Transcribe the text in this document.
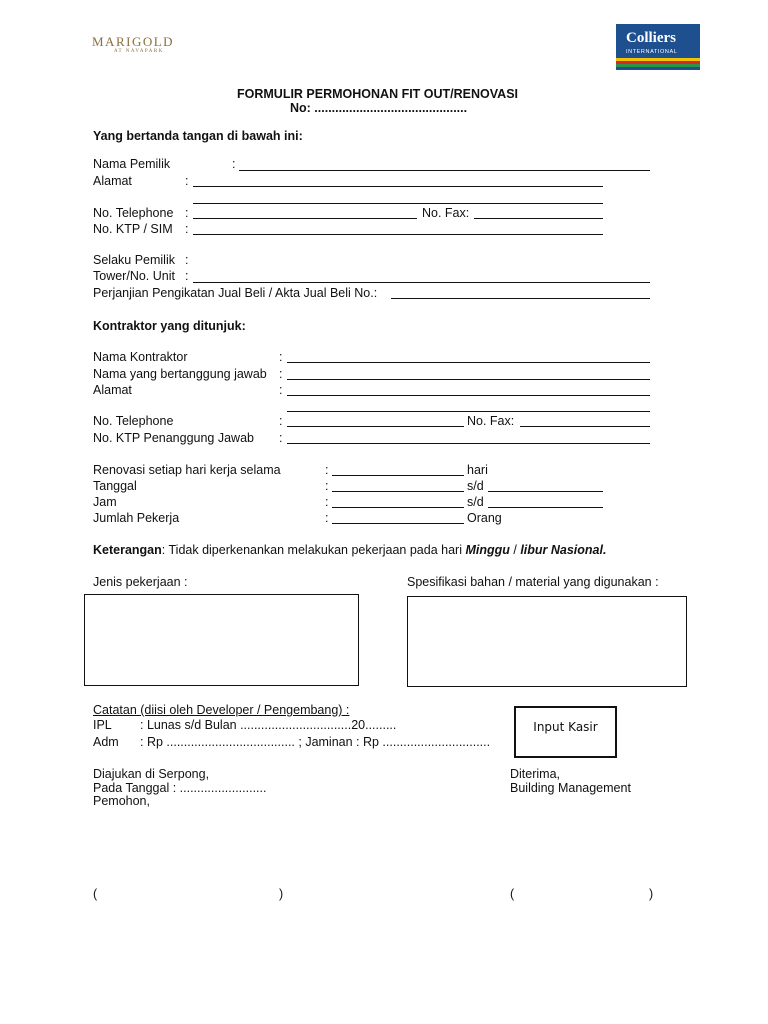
MARIGOLD
AT NAVAPARK
Colliers
INTERNATIONAL
FORMULIR PERMOHONAN FIT OUT/RENOVASI
No: ............................................
Yang bertanda tangan di bawah ini:
Nama Pemilik	:
Alamat	:
No. Telephone :	No. Fax:
No. KTP / SIM :
Selaku Pemilik :
Tower/No. Unit :
Perjanjian Pengikatan Jual Beli / Akta Jual Beli No.:
Kontraktor yang ditunjuk:
Nama Kontraktor	:
Nama yang bertanggung jawab :
Alamat	:
No. Telephone	:	No. Fax:
No. KTP Penanggung Jawab :
Renovasi setiap hari kerja selama	:	hari
Tanggal	:	s/d
Jam	:	s/d
Jumlah Pekerja	:	Orang
Keterangan: Tidak diperkenankan melakukan pekerjaan pada hari Minggu / libur Nasional.
Jenis pekerjaan :	Spesifikasi bahan / material yang digunakan :
Catatan (diisi oleh Developer / Pengembang) :
IPL : Lunas s/d Bulan ................................20.........
Adm : Rp ..................................... ; Jaminan : Rp ...............................
Input Kasir
Diajukan di Serpong,
Pada Tanggal : .........................
Pemohon,
Diterima,
Building Management
(	)	(	)
